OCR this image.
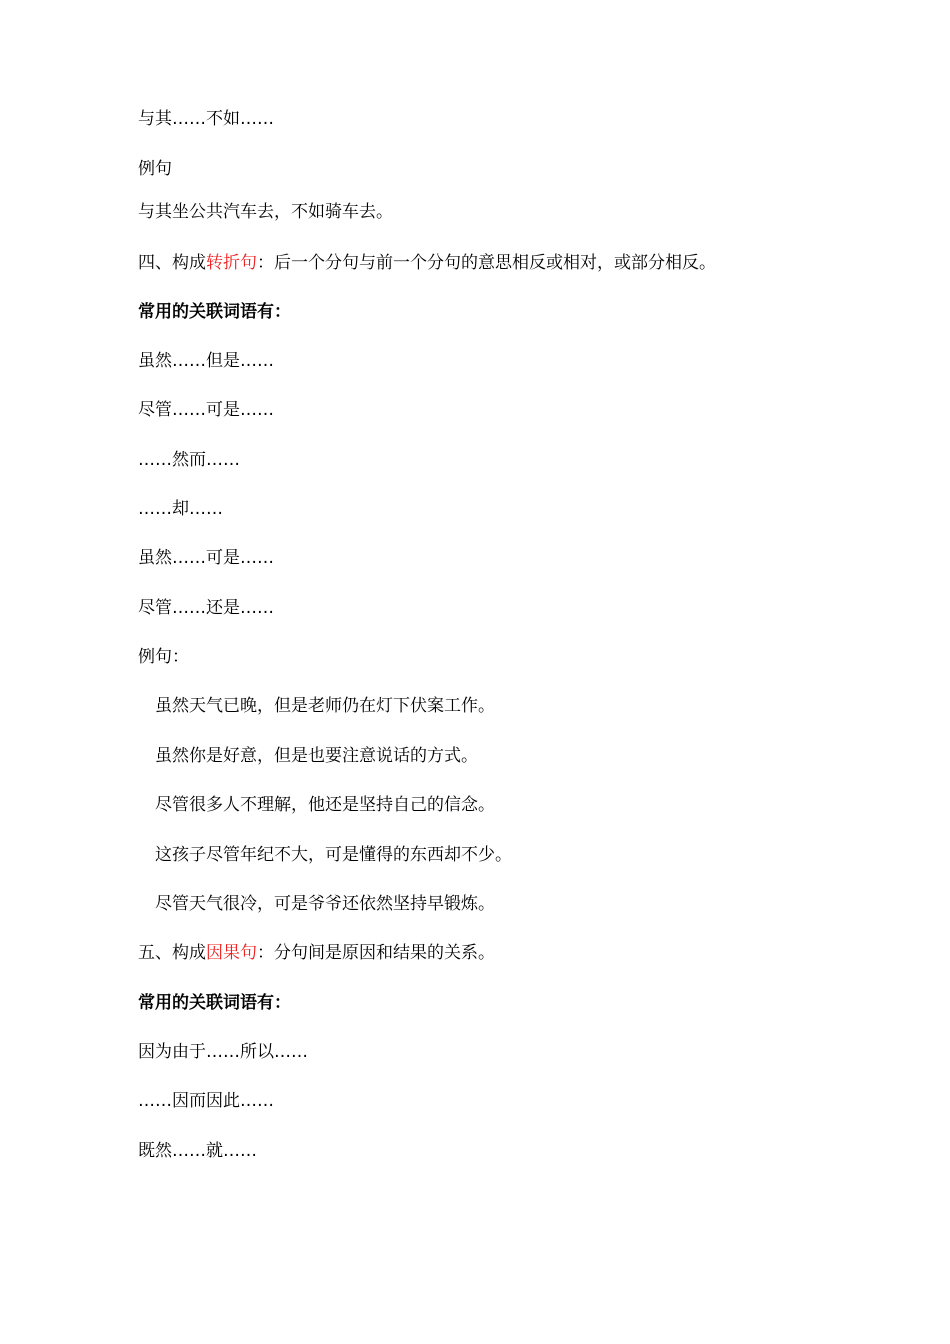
与其……不如……

例句

与其坐公共汽车去，不如骑车去。

四、构成转折句：后一个分句与前一个分句的意思相反或相对，或部分相反。

常用的关联词语有：

虽然……但是……

尽管……可是……

……然而……

……却……

虽然……可是……

尽管……还是……

例句：

虽然天气已晚，但是老师仍在灯下伏案工作。

虽然你是好意，但是也要注意说话的方式。

尽管很多人不理解，他还是坚持自己的信念。

这孩子尽管年纪不大，可是懂得的东西却不少。

尽管天气很冷，可是爷爷还依然坚持早锻炼。

五、构成因果句：分句间是原因和结果的关系。

常用的关联词语有：

因为由于……所以……

……因而因此……

既然……就……
